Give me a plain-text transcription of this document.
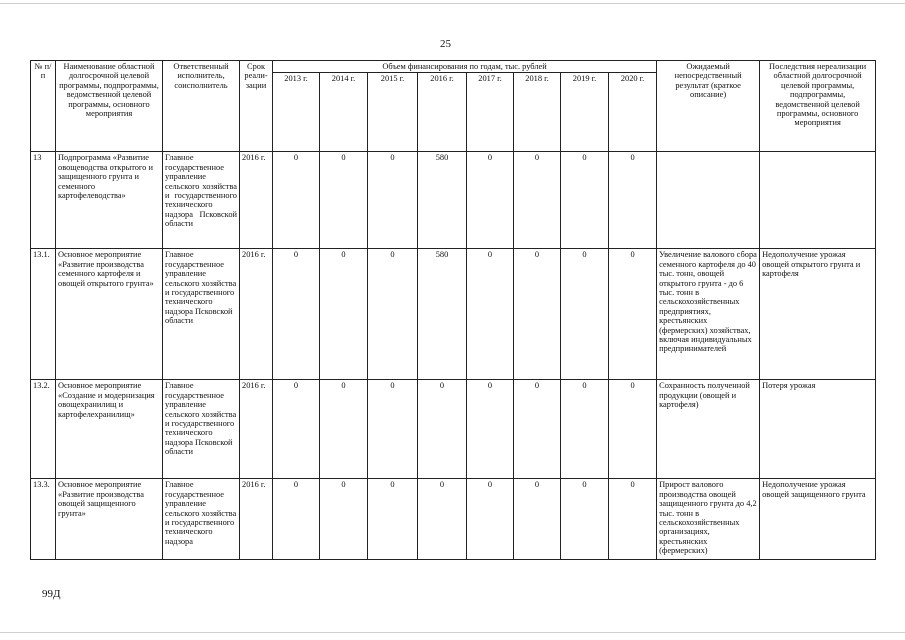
25
№ п/п	Наименование областной долгосрочной целевой программы, подпрограммы, ведомственной целевой программы, основного мероприятия	Ответственный исполнитель, соисполнитель	Срок реали-зации	Объем финансирования по годам, тыс. рублей								Ожидаемый непосредственный результат (краткое описание)	Последствия нереализации областной долгосрочной целевой программы, подпрограммы, ведомственной целевой программы, основного мероприятия
				2013 г.	2014 г.	2015 г.	2016 г.	2017 г.	2018 г.	2019 г.	2020 г.		
13	Подпрограмма «Развитие овощеводства открытого и защищенного грунта и семенного картофелеводства»	Главное государственное управление сельского хозяйства и государственного технического надзора Псковской области	2016 г.	0	0	0	580	0	0	0	0		
13.1.	Основное мероприятие «Развитие производства семенного картофеля и овощей открытого грунта»	Главное государственное управление сельского хозяйства и государственного технического надзора Псковской области	2016 г.	0	0	0	580	0	0	0	0	Увеличение валового сбора семенного картофеля до 40 тыс. тонн, овощей открытого грунта - до 6 тыс. тонн в сельскохозяйственных предприятиях, крестьянских (фермерских) хозяйствах, включая индивидуальных предпринимателей	Недополучение урожая овощей открытого грунта и картофеля
13.2.	Основное мероприятие «Создание и модернизация овощехранилищ и картофелехранилищ»	Главное государственное управление сельского хозяйства и государственного технического надзора Псковской области	2016 г.	0	0	0	0	0	0	0	0	Сохранность полученной продукции (овощей и картофеля)	Потеря урожая
13.3.	Основное мероприятие «Развитие производства овощей защищенного грунта»	Главное государственное управление сельского хозяйства и государственного технического надзора	2016 г.	0	0	0	0	0	0	0	0	Прирост валового производства овощей защищенного грунта до 4,2 тыс. тонн в сельскохозяйственных организациях, крестьянских (фермерских)	Недополучение урожая овощей защищенного грунта
99Д
